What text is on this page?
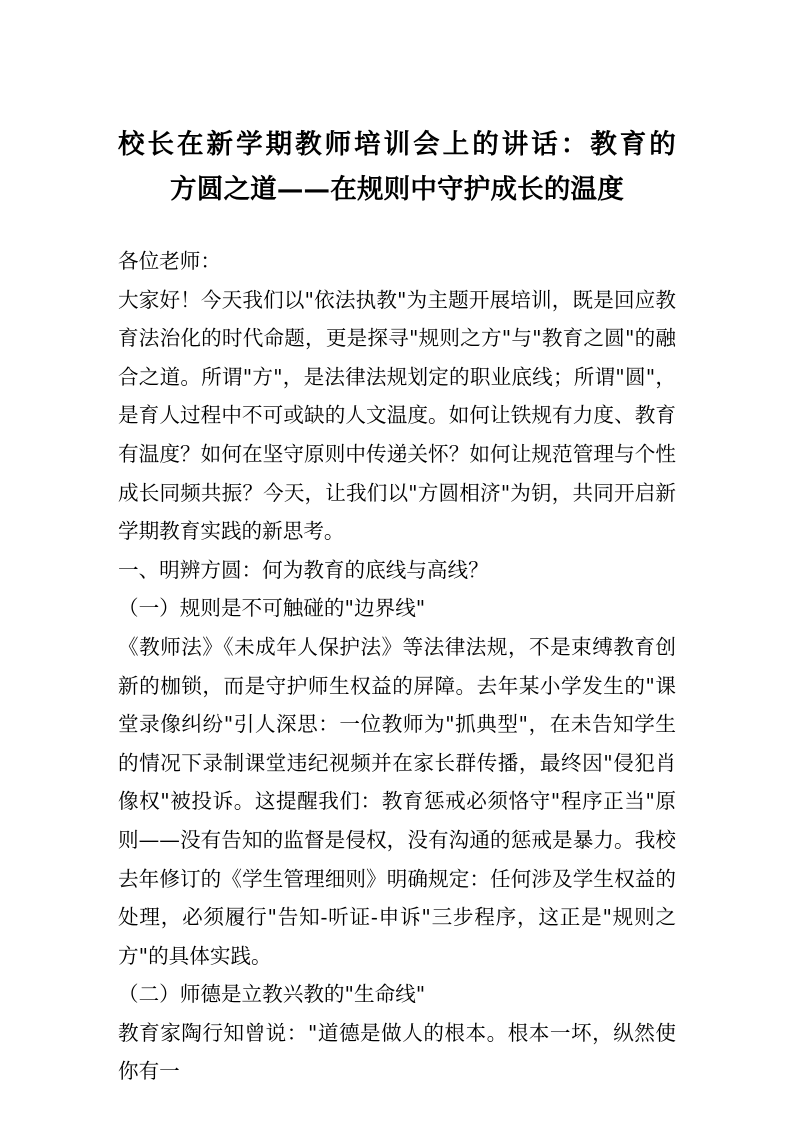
校长在新学期教师培训会上的讲话：教育的
方圆之道——在规则中守护成长的温度

各位老师：

大家好！今天我们以"依法执教"为主题开展培训，既是回应教育法治化的时代命题，更是探寻"规则之方"与"教育之圆"的融合之道。所谓"方"，是法律法规划定的职业底线；所谓"圆"，是育人过程中不可或缺的人文温度。如何让铁规有力度、教育有温度？如何在坚守原则中传递关怀？如何让规范管理与个性成长同频共振？今天，让我们以"方圆相济"为钥，共同开启新学期教育实践的新思考。

一、明辨方圆：何为教育的底线与高线？

（一）规则是不可触碰的"边界线"

《教师法》《未成年人保护法》等法律法规，不是束缚教育创新的枷锁，而是守护师生权益的屏障。去年某小学发生的"课堂录像纠纷"引人深思：一位教师为"抓典型"，在未告知学生的情况下录制课堂违纪视频并在家长群传播，最终因"侵犯肖像权"被投诉。这提醒我们：教育惩戒必须恪守"程序正当"原则——没有告知的监督是侵权，没有沟通的惩戒是暴力。我校去年修订的《学生管理细则》明确规定：任何涉及学生权益的处理，必须履行"告知-听证-申诉"三步程序，这正是"规则之方"的具体实践。

（二）师德是立教兴教的"生命线"

教育家陶行知曾说："道德是做人的根本。根本一坏，纵然使你有一
